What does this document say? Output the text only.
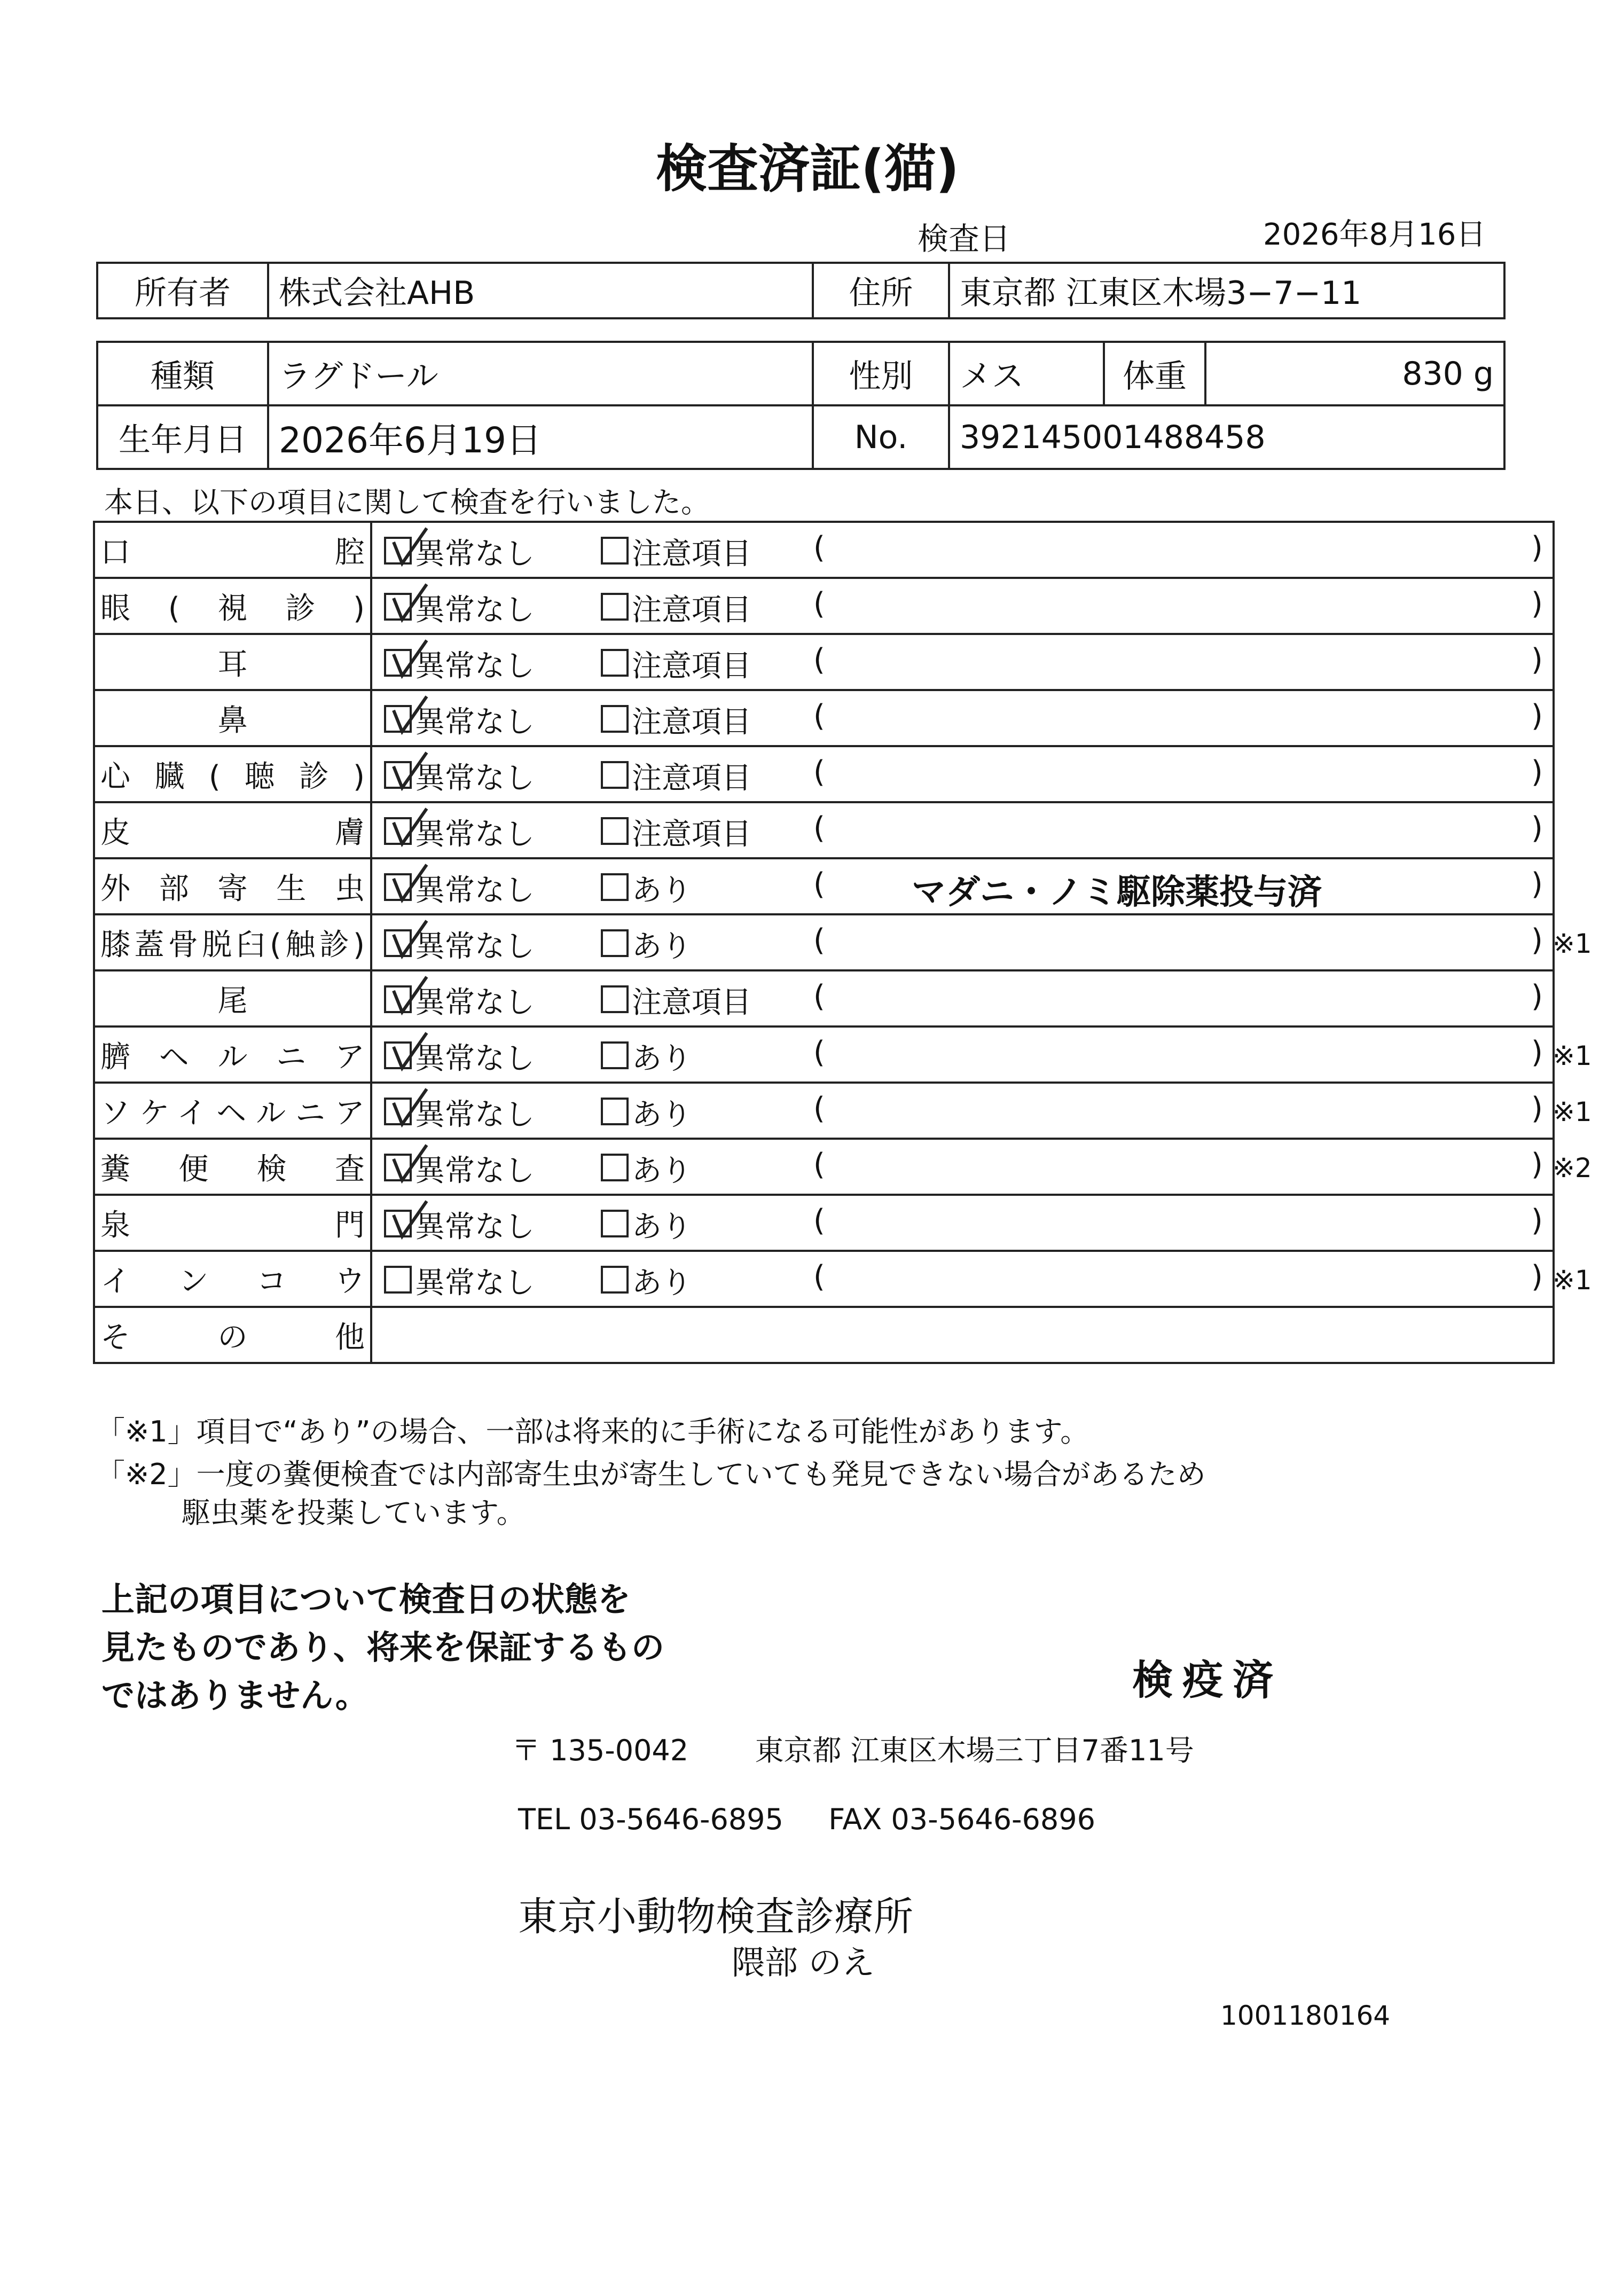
検査済証(猫)
検査日	2026年8月16日
所有者	株式会社AHB	住所	東京都 江東区木場3−7−11
種類	ラグドール	性別	メス	体重	830 g
生年月日	2026年6月19日	No.	392145001488458		
本日、以下の項目に関して検査を行いました。
口腔	異常なし 注意項目 ( )

眼(視診)	異常なし 注意項目 ( )

耳	異常なし 注意項目 ( )

鼻	異常なし 注意項目 ( )

心臓(聴診)	異常なし 注意項目 ( )

皮膚	異常なし 注意項目 ( )

外部寄生虫	異常なし あり ( マダニ・ノミ駆除薬投与済 )

膝蓋骨脱臼(触診)	異常なし あり ( ) ※1

尾	異常なし 注意項目 ( )

臍ヘルニア	異常なし あり ( ) ※1

ソケイヘルニア	異常なし あり ( ) ※1

糞便検査	異常なし あり ( ) ※2

泉門	異常なし あり ( )

インコウ	異常なし あり ( ) ※1

その他	
「※1」項目で“あり”の場合、一部は将来的に手術になる可能性があります。
「※2」一度の糞便検査では内部寄生虫が寄生していても発見できない場合があるため
駆虫薬を投薬しています。
上記の項目について検査日の状態を
見たものであり、将来を保証するもの
ではありません。	検疫済
〒 135-0042 東京都 江東区木場三丁目7番11号
TEL 03-5646-6895 FAX 03-5646-6896
東京小動物検査診療所
隈部 のえ
1001180164
